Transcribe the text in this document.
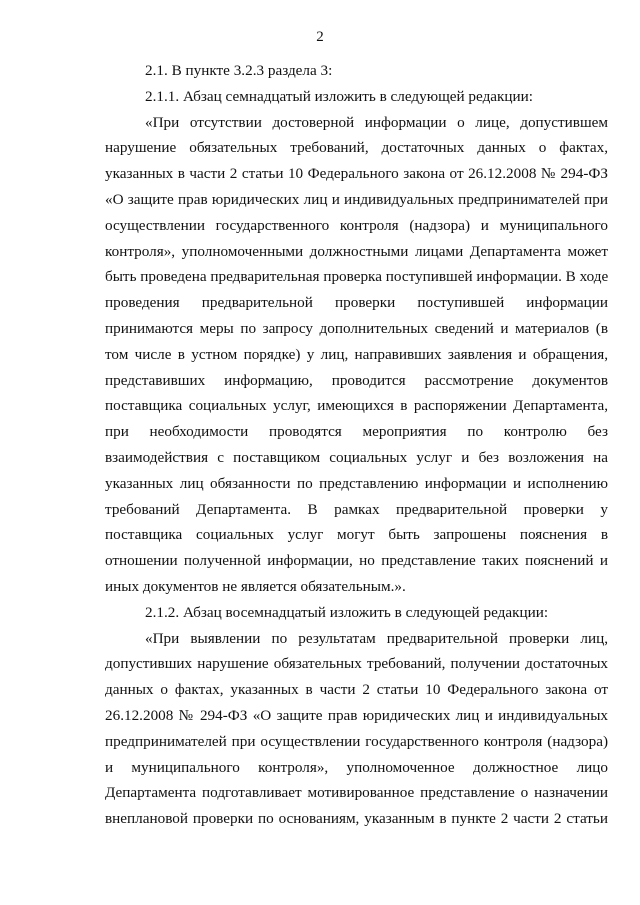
2
2.1. В пункте 3.2.3 раздела 3:
2.1.1. Абзац семнадцатый изложить в следующей редакции:
«При отсутствии достоверной информации о лице, допустившем
нарушение обязательных требований, достаточных данных о фактах,
указанных в части 2 статьи 10 Федерального закона от 26.12.2008 № 294-ФЗ
«О защите прав юридических лиц и индивидуальных предпринимателей при
осуществлении государственного контроля (надзора) и муниципального
контроля», уполномоченными должностными лицами Департамента может
быть проведена предварительная проверка поступившей информации. В ходе
проведения предварительной проверки поступившей информации
принимаются меры по запросу дополнительных сведений и материалов (в
том числе в устном порядке) у лиц, направивших заявления и обращения,
представивших информацию, проводится рассмотрение документов
поставщика социальных услуг, имеющихся в распоряжении Департамента,
при необходимости проводятся мероприятия по контролю без
взаимодействия с поставщиком социальных услуг и без возложения на
указанных лиц обязанности по представлению информации и исполнению
требований Департамента. В рамках предварительной проверки у
поставщика социальных услуг могут быть запрошены пояснения в
отношении полученной информации, но представление таких пояснений и
иных документов не является обязательным.».
2.1.2. Абзац восемнадцатый изложить в следующей редакции:
«При выявлении по результатам предварительной проверки лиц,
допустивших нарушение обязательных требований, получении достаточных
данных о фактах, указанных в части 2 статьи 10 Федерального закона от
26.12.2008 № 294-ФЗ «О защите прав юридических лиц и индивидуальных
предпринимателей при осуществлении государственного контроля (надзора)
и муниципального контроля», уполномоченное должностное лицо
Департамента подготавливает мотивированное представление о назначении
внеплановой проверки по основаниям, указанным в пункте 2 части 2 статьи
